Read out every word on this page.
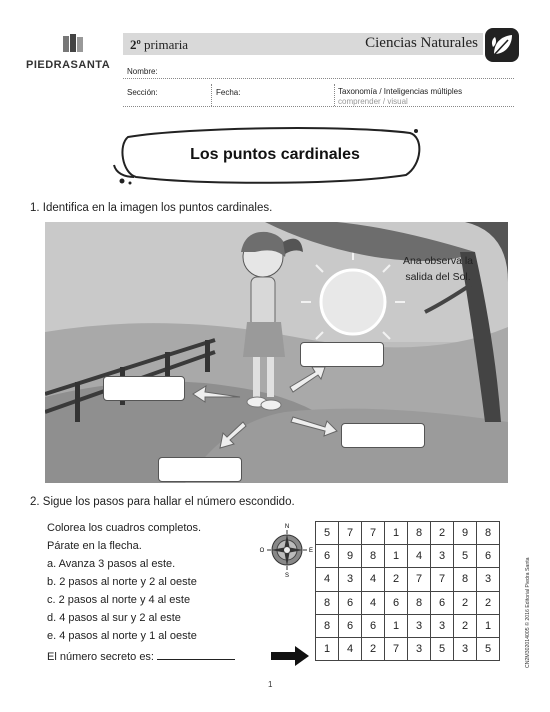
PIEDRASANTA
2º primaria	Ciencias Naturales
Nombre:
Sección:	Fecha:	Taxonomía / Inteligencias múltiples
comprender / visual
Los puntos cardinales
1. Identifica en la imagen los puntos cardinales.
Ana observa la
salida del Sol.
2. Sigue los pasos para hallar el número escondido.
Colorea los cuadros completos.
Párate en la flecha.
a. Avanza 3 pasos al este.
b. 2 pasos al norte y 2 al oeste
c. 2 pasos al norte y 4 al este
d. 4 pasos al sur y 2 al este
e. 4 pasos al norte y 1 al oeste
El número secreto es:
N
S
E
O
5	7	7	1	8	2	9	8
6	9	8	1	4	3	5	6
4	3	4	2	7	7	8	3
8	6	4	6	8	6	2	2
8	6	6	1	3	3	2	1
1	4	2	7	3	5	3	5
1
CN2M302014005 © 2016 Editorial Piedra Santa
